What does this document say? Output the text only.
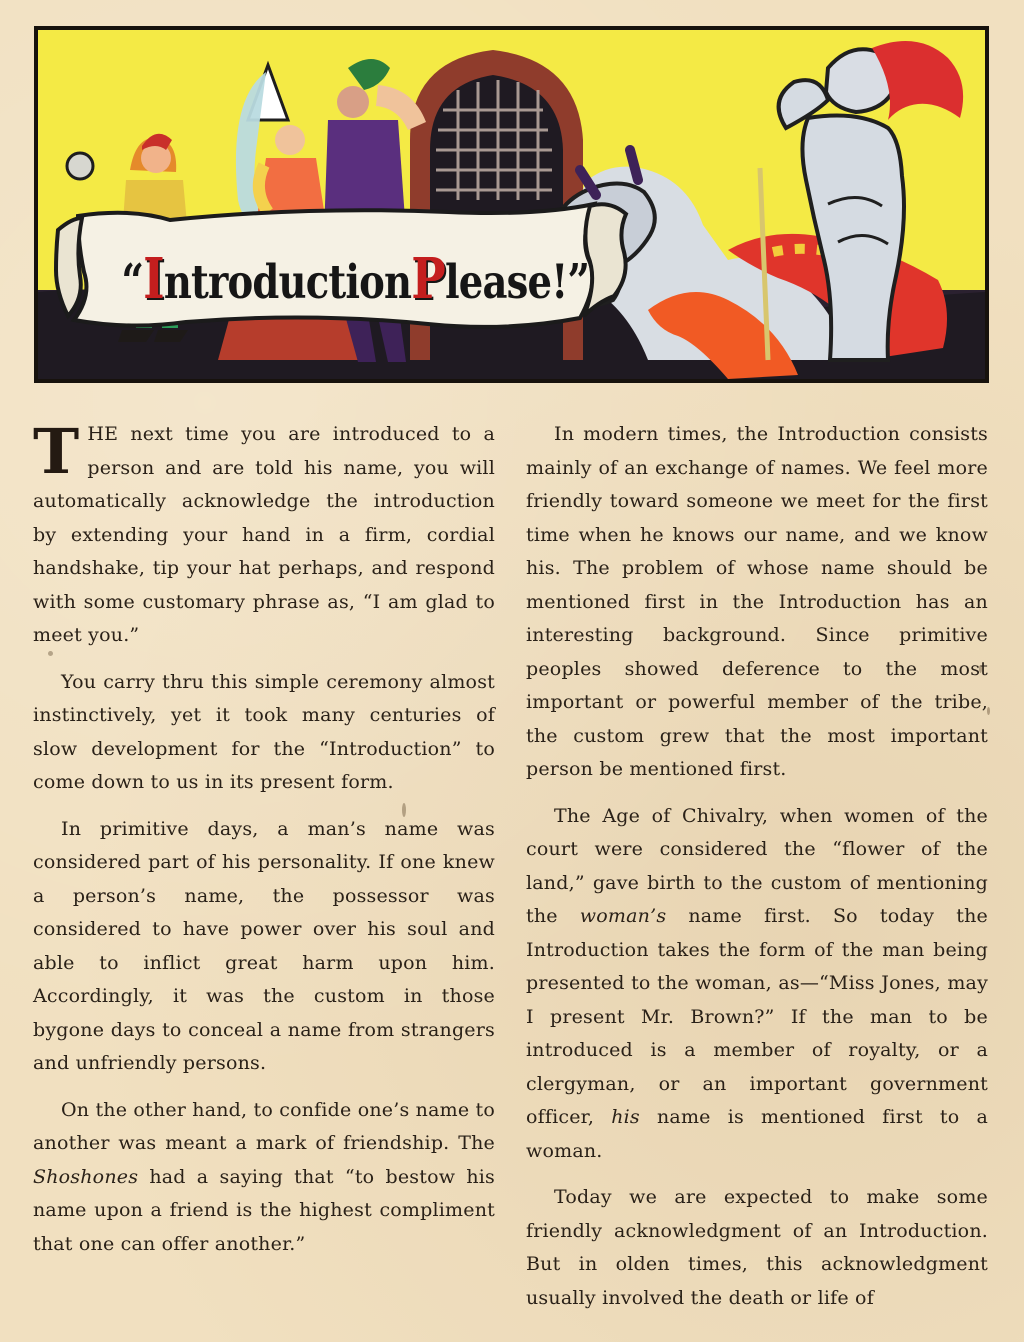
“IntroductionPlease!”

THE next time you are introduced to a person and are told his name, you will automatically acknowledge the introduction by extending your hand in a firm, cordial handshake, tip your hat perhaps, and respond with some customary phrase as, “I am glad to meet you.”

You carry thru this simple ceremony almost instinctively, yet it took many centuries of slow development for the “Introduction” to come down to us in its present form.

In primitive days, a man’s name was considered part of his personality. If one knew a person’s name, the possessor was considered to have power over his soul and able to inflict great harm upon him. Accordingly, it was the custom in those bygone days to conceal a name from strangers and unfriendly persons.

On the other hand, to confide one’s name to another was meant a mark of friendship. The Shoshones had a saying that “to bestow his name upon a friend is the highest compliment that one can offer another.”

In modern times, the Introduction consists mainly of an exchange of names. We feel more friendly toward someone we meet for the first time when he knows our name, and we know his. The problem of whose name should be mentioned first in the Introduction has an interesting background. Since primitive peoples showed deference to the most important or powerful member of the tribe, the custom grew that the most important person be mentioned first.

The Age of Chivalry, when women of the court were considered the “flower of the land,” gave birth to the custom of mentioning the woman’s name first. So today the Introduction takes the form of the man being presented to the woman, as—“Miss Jones, may I present Mr. Brown?” If the man to be introduced is a member of royalty, or a clergyman, or an important government officer, his name is mentioned first to a woman.

Today we are expected to make some friendly acknowledgment of an Introduction. But in olden times, this acknowledgment usually involved the death or life of
